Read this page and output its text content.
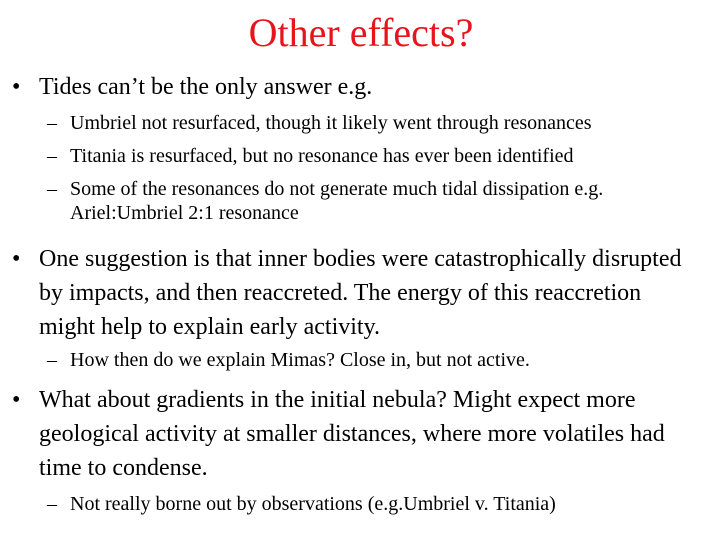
Other effects?
• Tides can’t be the only answer e.g.
– Umbriel not resurfaced, though it likely went through resonances
– Titania is resurfaced, but no resonance has ever been identified
– Some of the resonances do not generate much tidal dissipation e.g. Ariel:Umbriel 2:1 resonance
• One suggestion is that inner bodies were catastrophically disrupted by impacts, and then reaccreted. The energy of this reaccretion might help to explain early activity.
– How then do we explain Mimas? Close in, but not active.
• What about gradients in the initial nebula? Might expect more geological activity at smaller distances, where more volatiles had time to condense.
– Not really borne out by observations (e.g.Umbriel v. Titania)
